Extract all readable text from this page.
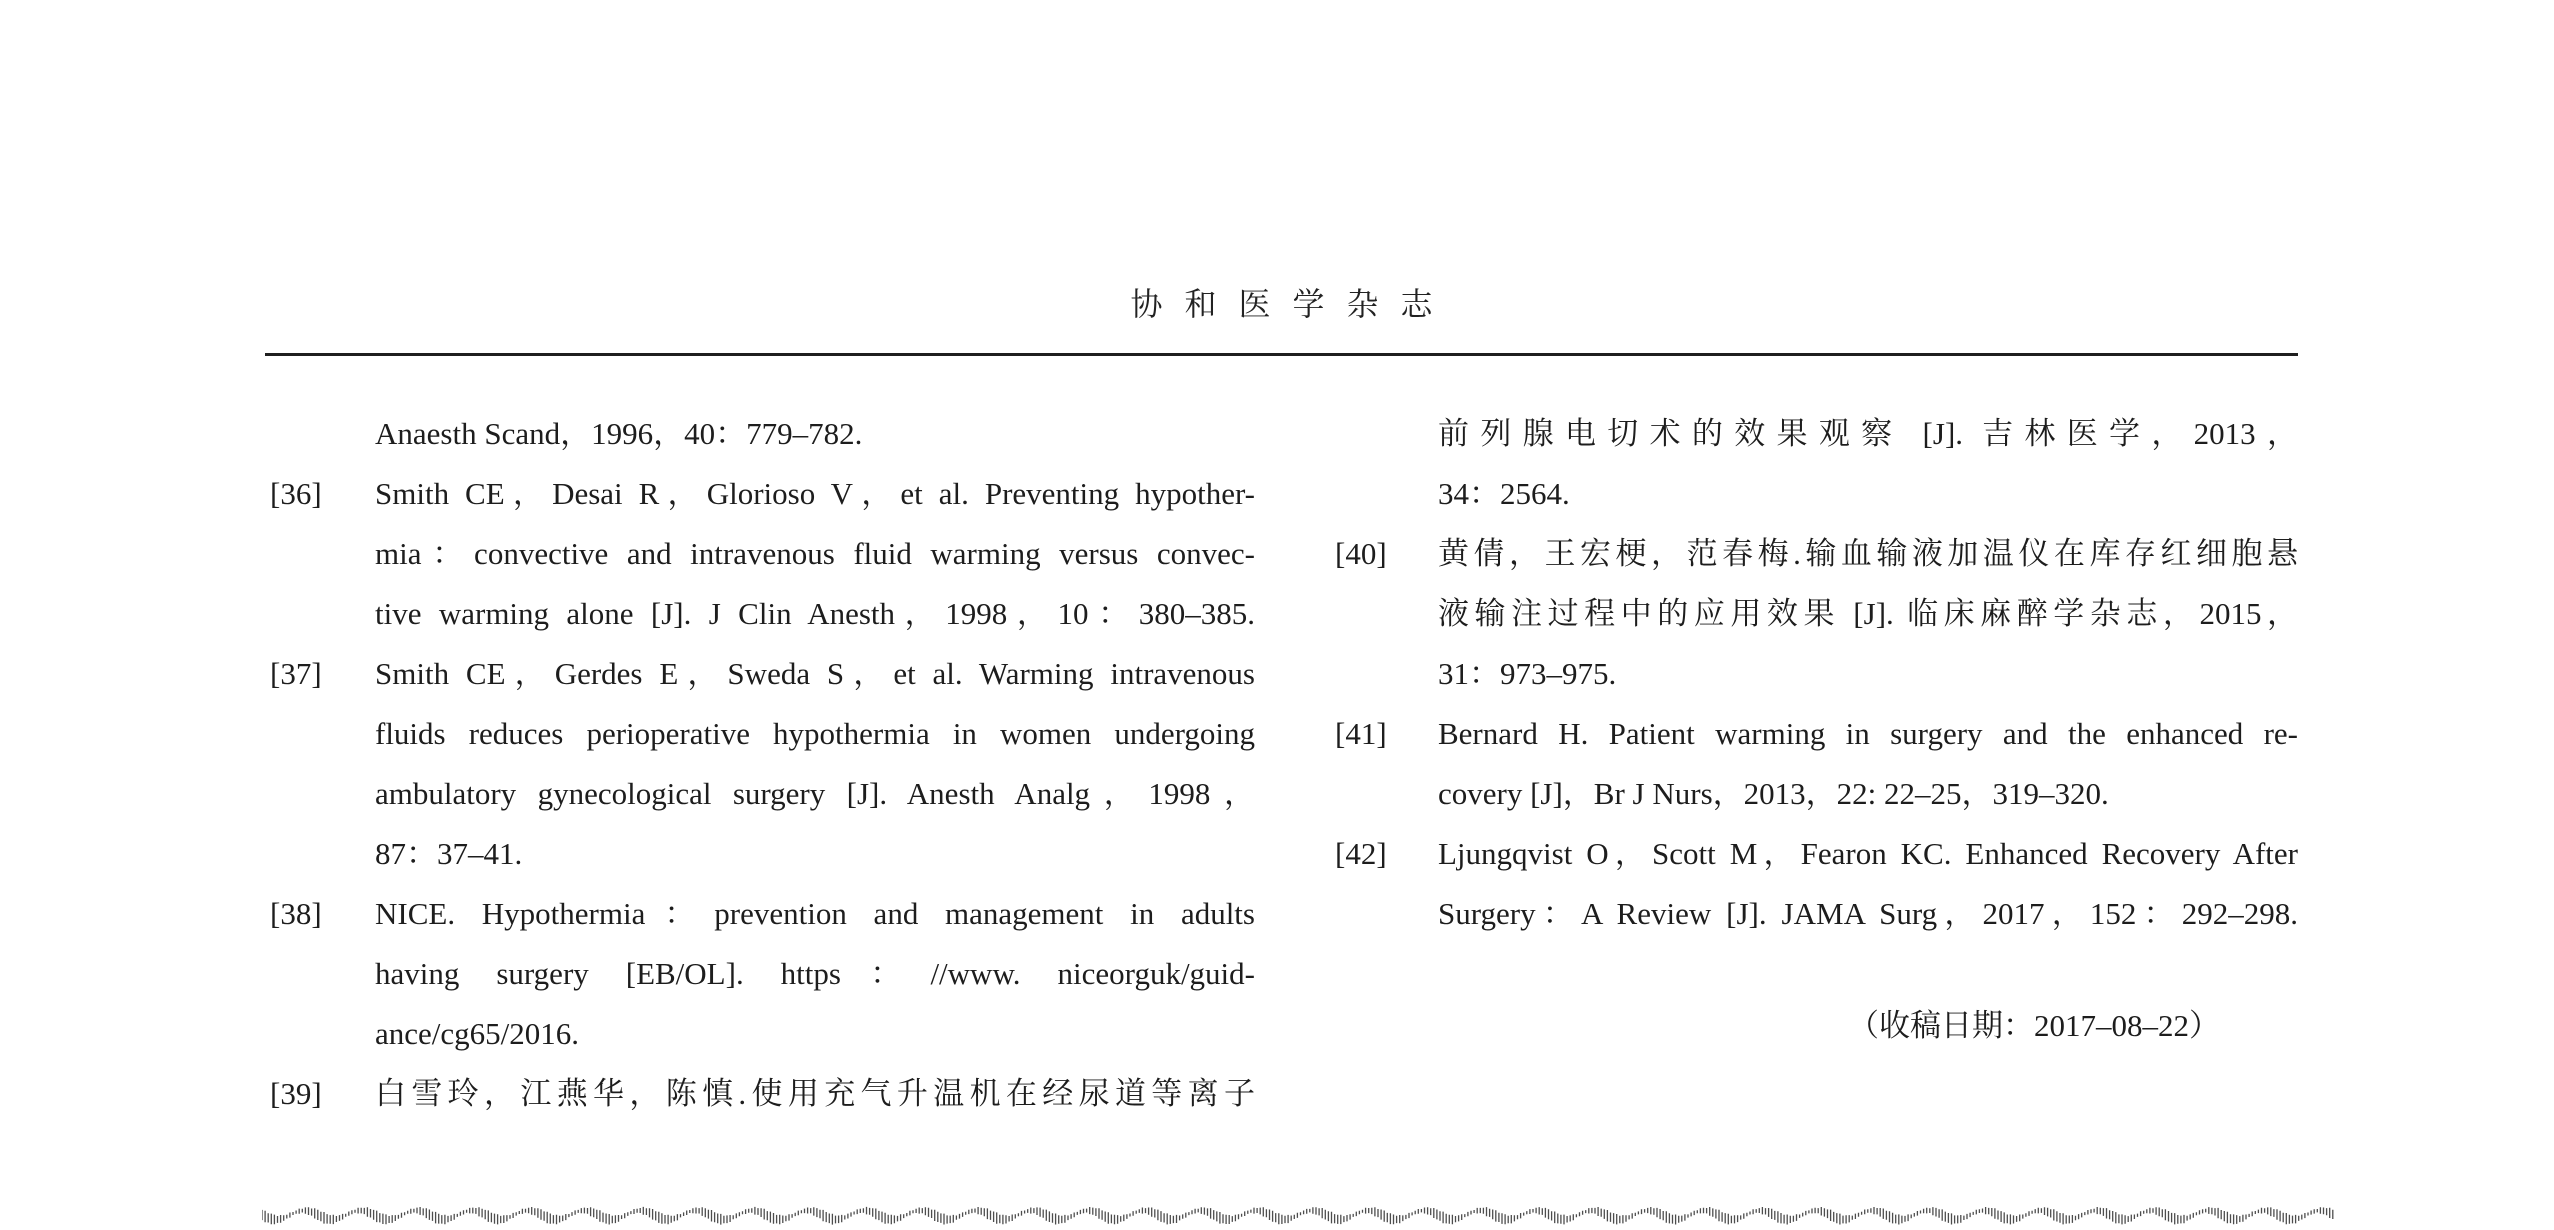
协 和 医 学 杂 志
Anaesth Scand，1996，40：779–782.
[36] Smith CE，Desai R，Glorioso V，et al. Preventing hypother-
mia：convective and intravenous fluid warming versus convec-
tive warming alone [J]. J Clin Anesth，1998，10：380–385.
[37] Smith CE，Gerdes E，Sweda S，et al. Warming intravenous
fluids reduces perioperative hypothermia in women undergoing
ambulatory gynecological surgery [J]. Anesth Analg，1998，
87：37–41.
[38] NICE. Hypothermia：prevention and management in adults
having surgery [EB/OL]. https：//www. niceorguk/guid-
ance/cg65/2016.
[39] 白雪玲，江燕华，陈慎.使用充气升温机在经尿道等离子
前列腺电切术的效果观察 [J]. 吉林医学，2013，
34：2564.
[40] 黄倩，王宏梗，范春梅.输血输液加温仪在库存红细胞悬
液输注过程中的应用效果 [J]. 临床麻醉学杂志，2015，
31：973–975.
[41] Bernard H. Patient warming in surgery and the enhanced re-
covery [J]，Br J Nurs，2013，22: 22–25，319–320.
[42] Ljungqvist O，Scott M，Fearon KC. Enhanced Recovery After
Surgery：A Review [J]. JAMA Surg，2017，152：292–298.
（收稿日期：2017–08–22）
